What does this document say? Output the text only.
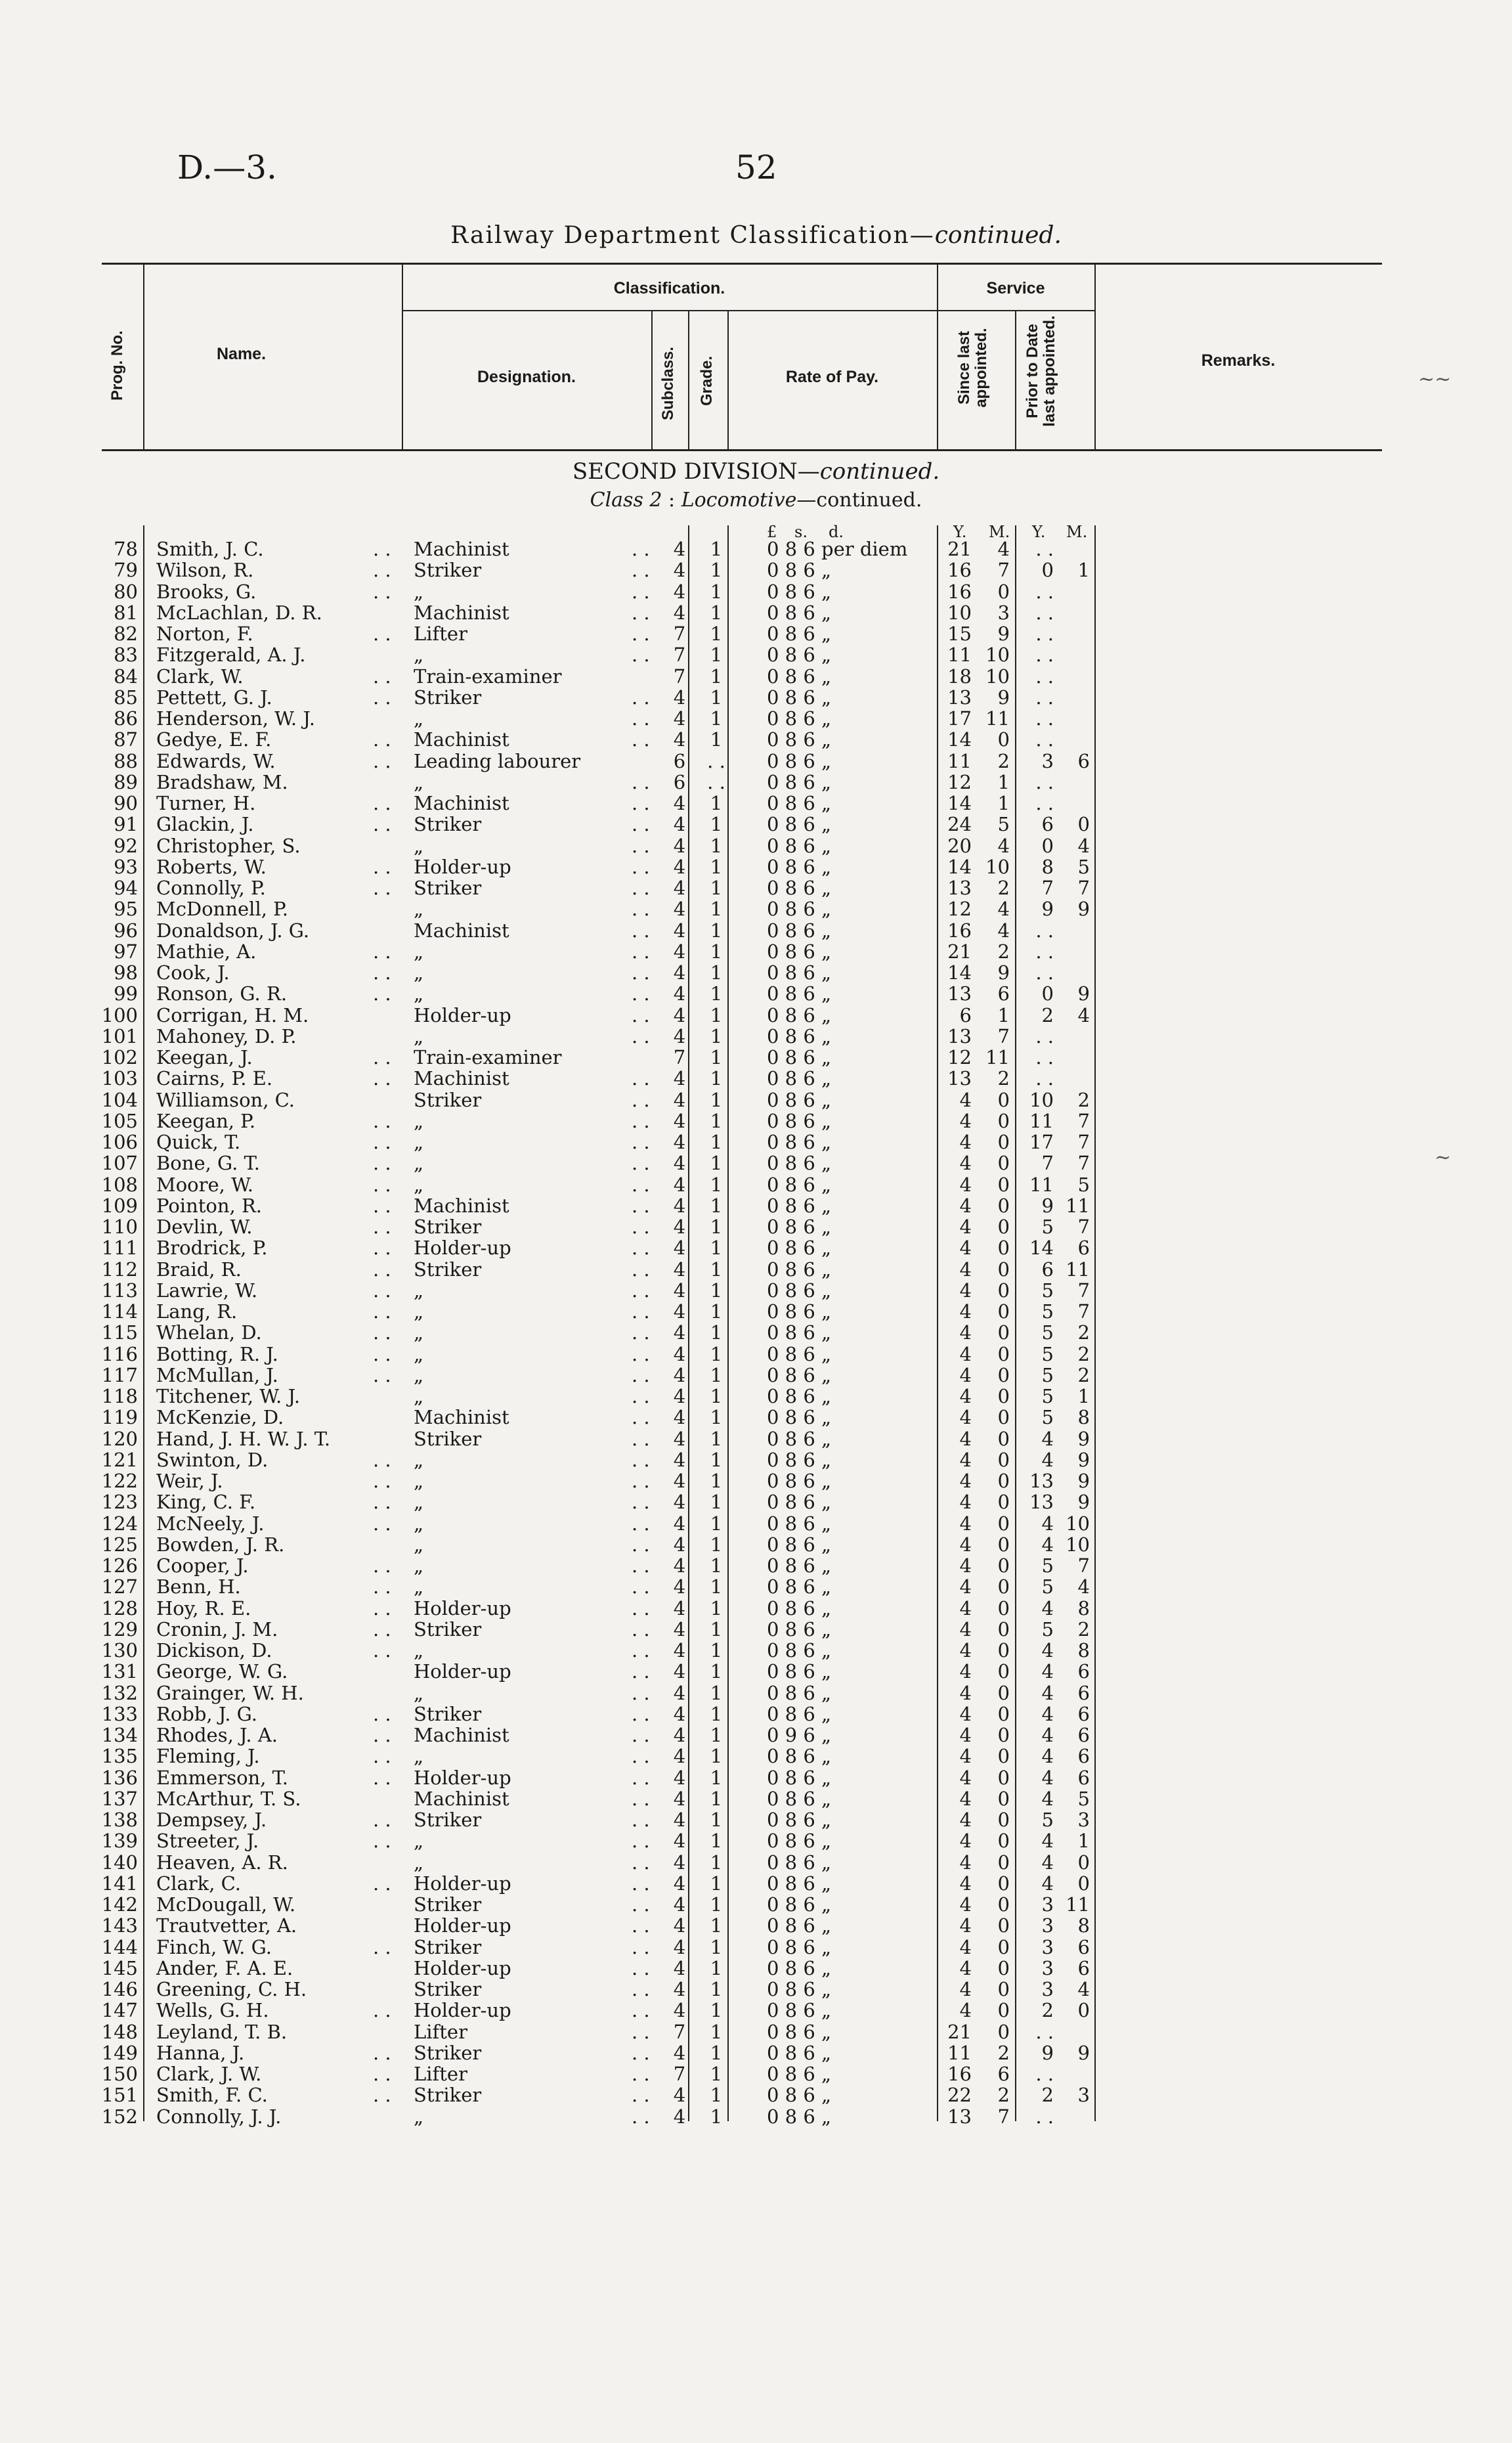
D.—3.	52
Railway Department Classification—continued.
Prog. No.	Name.
Classification.	Service
Designation.	Subclass. Grade.	Rate of Pay.	Since last appointed. Prior to Date last appointed.	Remarks.
~~
~
SECOND DIVISION—continued.
Class 2 : Locomotive—continued.
£ s. d.	Y. M. Y. M.
78 Smith, J. C.	. . Machinist	. .	4	1	0 8 6 per diem	21	4	. .
79 Wilson, R.	. . Striker	. .	4	1	0 8 6 „	16	7	0	1
80 Brooks, G.	. . „	. .	4	1	0 8 6 „	16	0	. .
81 McLachlan, D. R.	Machinist	. .	4	1	0 8 6 „	10	3	. .
82 Norton, F.	. . Lifter	. .	7	1	0 8 6 „	15	9	. .
83 Fitzgerald, A. J.	„	. .	7	1	0 8 6 „	11 10	. .
84 Clark, W.	. . Train-examiner	7	1	0 8 6 „	18 10	. .
85 Pettett, G. J.	. . Striker	. .	4	1	0 8 6 „	13	9	. .
86 Henderson, W. J.	„	. .	4	1	0 8 6 „	17 11	. .
87 Gedye, E. F.	. . Machinist	. .	4	1	0 8 6 „	14	0	. .
88 Edwards, W.	. . Leading labourer	6	. .	0 8 6 „	11	2	3	6
89 Bradshaw, M.	„	. .	6	. .	0 8 6 „	12	1	. .
90 Turner, H.	. . Machinist	. .	4	1	0 8 6 „	14	1	. .
91 Glackin, J.	. . Striker	. .	4	1	0 8 6 „	24	5	6	0
92 Christopher, S.	„	. .	4	1	0 8 6 „	20	4	0	4
93 Roberts, W.	. . Holder-up	. .	4	1	0 8 6 „	14 10	8	5
94 Connolly, P.	. . Striker	. .	4	1	0 8 6 „	13	2	7	7
95 McDonnell, P.	„	. .	4	1	0 8 6 „	12	4	9	9
96 Donaldson, J. G.	Machinist	. .	4	1	0 8 6 „	16	4	. .
97 Mathie, A.	. . „	. .	4	1	0 8 6 „	21	2	. .
98 Cook, J.	. . „	. .	4	1	0 8 6 „	14	9	. .
99 Ronson, G. R.	. . „	. .	4	1	0 8 6 „	13	6	0	9
100 Corrigan, H. M.	Holder-up	. .	4	1	0 8 6 „	6	1	2	4
101 Mahoney, D. P.	„	. .	4	1	0 8 6 „	13	7	. .
102 Keegan, J.	. . Train-examiner	7	1	0 8 6 „	12 11	. .
103 Cairns, P. E.	. . Machinist	. .	4	1	0 8 6 „	13	2	. .
104 Williamson, C.	Striker	. .	4	1	0 8 6 „	4	0	10	2
105 Keegan, P.	. . „	. .	4	1	0 8 6 „	4	0	11	7
106 Quick, T.	. . „	. .	4	1	0 8 6 „	4	0	17	7
107 Bone, G. T.	. . „	. .	4	1	0 8 6 „	4	0	7	7
108 Moore, W.	. . „	. .	4	1	0 8 6 „	4	0	11	5
109 Pointon, R.	. . Machinist	. .	4	1	0 8 6 „	4	0	9 11
110 Devlin, W.	. . Striker	. .	4	1	0 8 6 „	4	0	5	7
111 Brodrick, P.	. . Holder-up	. .	4	1	0 8 6 „	4	0	14	6
112 Braid, R.	. . Striker	. .	4	1	0 8 6 „	4	0	6 11
113 Lawrie, W.	. . „	. .	4	1	0 8 6 „	4	0	5	7
114 Lang, R.	. . „	. .	4	1	0 8 6 „	4	0	5	7
115 Whelan, D.	. . „	. .	4	1	0 8 6 „	4	0	5	2
116 Botting, R. J.	. . „	. .	4	1	0 8 6 „	4	0	5	2
117 McMullan, J.	. . „	. .	4	1	0 8 6 „	4	0	5	2
118 Titchener, W. J.	„	. .	4	1	0 8 6 „	4	0	5	1
119 McKenzie, D.	Machinist	. .	4	1	0 8 6 „	4	0	5	8
120 Hand, J. H. W. J. T.	Striker	. .	4	1	0 8 6 „	4	0	4	9
121 Swinton, D.	. . „	. .	4	1	0 8 6 „	4	0	4	9
122 Weir, J.	. . „	. .	4	1	0 8 6 „	4	0	13	9
123 King, C. F.	. . „	. .	4	1	0 8 6 „	4	0	13	9
124 McNeely, J.	. . „	. .	4	1	0 8 6 „	4	0	4 10
125 Bowden, J. R.	„	. .	4	1	0 8 6 „	4	0	4 10
126 Cooper, J.	. . „	. .	4	1	0 8 6 „	4	0	5	7
127 Benn, H.	. . „	. .	4	1	0 8 6 „	4	0	5	4
128 Hoy, R. E.	. . Holder-up	. .	4	1	0 8 6 „	4	0	4	8
129 Cronin, J. M.	. . Striker	. .	4	1	0 8 6 „	4	0	5	2
130 Dickison, D.	. . „	. .	4	1	0 8 6 „	4	0	4	8
131 George, W. G.	Holder-up	. .	4	1	0 8 6 „	4	0	4	6
132 Grainger, W. H.	„	. .	4	1	0 8 6 „	4	0	4	6
133 Robb, J. G.	. . Striker	. .	4	1	0 8 6 „	4	0	4	6
134 Rhodes, J. A.	. . Machinist	. .	4	1	0 9 6 „	4	0	4	6
135 Fleming, J.	. . „	. .	4	1	0 8 6 „	4	0	4	6
136 Emmerson, T.	. . Holder-up	. .	4	1	0 8 6 „	4	0	4	6
137 McArthur, T. S.	Machinist	. .	4	1	0 8 6 „	4	0	4	5
138 Dempsey, J.	. . Striker	. .	4	1	0 8 6 „	4	0	5	3
139 Streeter, J.	. . „	. .	4	1	0 8 6 „	4	0	4	1
140 Heaven, A. R.	„	. .	4	1	0 8 6 „	4	0	4	0
141 Clark, C.	. . Holder-up	. .	4	1	0 8 6 „	4	0	4	0
142 McDougall, W.	Striker	. .	4	1	0 8 6 „	4	0	3 11
143 Trautvetter, A.	Holder-up	. .	4	1	0 8 6 „	4	0	3	8
144 Finch, W. G.	. . Striker	. .	4	1	0 8 6 „	4	0	3	6
145 Ander, F. A. E.	Holder-up	. .	4	1	0 8 6 „	4	0	3	6
146 Greening, C. H.	Striker	. .	4	1	0 8 6 „	4	0	3	4
147 Wells, G. H.	. . Holder-up	. .	4	1	0 8 6 „	4	0	2	0
148 Leyland, T. B.	Lifter	. .	7	1	0 8 6 „	21	0	. .
149 Hanna, J.	. . Striker	. .	4	1	0 8 6 „	11	2	9	9
150 Clark, J. W.	. . Lifter	. .	7	1	0 8 6 „	16	6	. .
151 Smith, F. C.	. . Striker	. .	4	1	0 8 6 „	22	2	2	3
152 Connolly, J. J.	„	. .	4	1	0 8 6 „	13	7	. .
